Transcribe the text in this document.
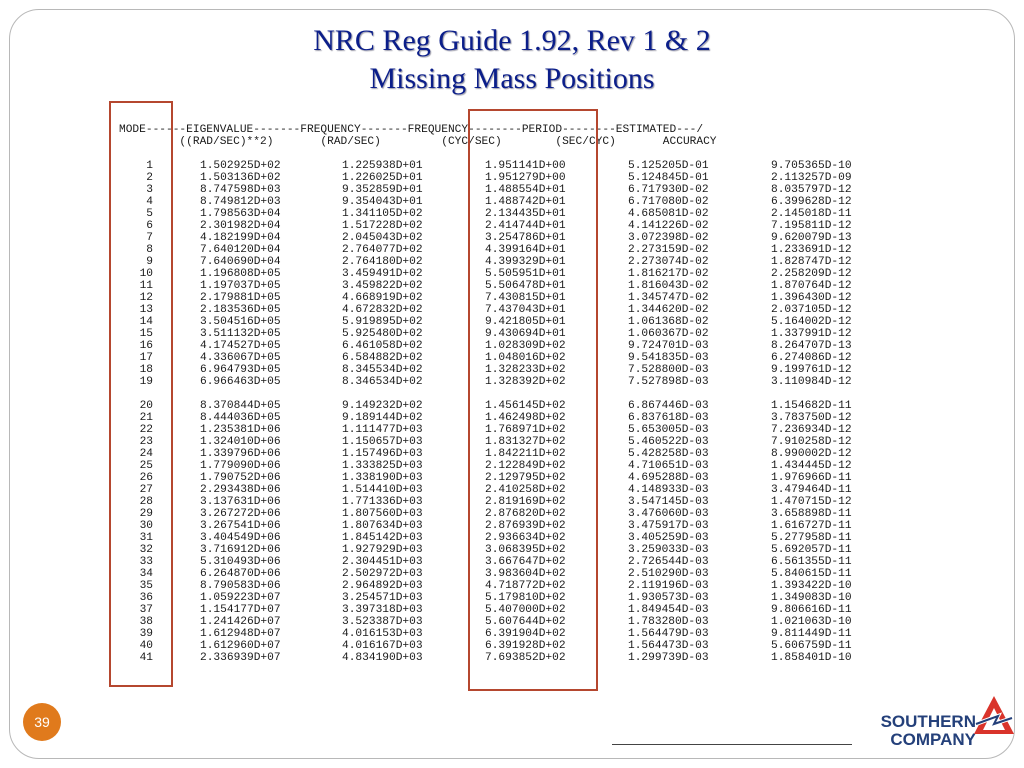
NRC Reg Guide 1.92, Rev 1 & 2
Missing Mass Positions
MODE------EIGENVALUE-------FREQUENCY-------FREQUENCY--------PERIOD--------ESTIMATED---/
((RAD/SEC)**2)       (RAD/SEC)         (CYC/SEC)        (SEC/CYC)       ACCURACY
1	1.502925D+02	1.225938D+01	1.951141D+00	5.125205D-01	9.705365D-10
2	1.503136D+02	1.226025D+01	1.951279D+00	5.124845D-01	2.113257D-09
3	8.747598D+03	9.352859D+01	1.488554D+01	6.717930D-02	8.035797D-12
4	8.749812D+03	9.354043D+01	1.488742D+01	6.717080D-02	6.399628D-12
5	1.798563D+04	1.341105D+02	2.134435D+01	4.685081D-02	2.145018D-11
6	2.301982D+04	1.517228D+02	2.414744D+01	4.141226D-02	7.195811D-12
7	4.182199D+04	2.045043D+02	3.254786D+01	3.072398D-02	9.620079D-13
8	7.640120D+04	2.764077D+02	4.399164D+01	2.273159D-02	1.233691D-12
9	7.640690D+04	2.764180D+02	4.399329D+01	2.273074D-02	1.828747D-12
10	1.196808D+05	3.459491D+02	5.505951D+01	1.816217D-02	2.258209D-12
11	1.197037D+05	3.459822D+02	5.506478D+01	1.816043D-02	1.870764D-12
12	2.179881D+05	4.668919D+02	7.430815D+01	1.345747D-02	1.396430D-12
13	2.183536D+05	4.672832D+02	7.437043D+01	1.344620D-02	2.037105D-12
14	3.504516D+05	5.919895D+02	9.421805D+01	1.061368D-02	5.164002D-12
15	3.511132D+05	5.925480D+02	9.430694D+01	1.060367D-02	1.337991D-12
16	4.174527D+05	6.461058D+02	1.028309D+02	9.724701D-03	8.264707D-13
17	4.336067D+05	6.584882D+02	1.048016D+02	9.541835D-03	6.274086D-12
18	6.964793D+05	8.345534D+02	1.328233D+02	7.528800D-03	9.199761D-12
19	6.966463D+05	8.346534D+02	1.328392D+02	7.527898D-03	3.110984D-12
20	8.370844D+05	9.149232D+02	1.456145D+02	6.867446D-03	1.154682D-11
21	8.444036D+05	9.189144D+02	1.462498D+02	6.837618D-03	3.783750D-12
22	1.235381D+06	1.111477D+03	1.768971D+02	5.653005D-03	7.236934D-12
23	1.324010D+06	1.150657D+03	1.831327D+02	5.460522D-03	7.910258D-12
24	1.339796D+06	1.157496D+03	1.842211D+02	5.428258D-03	8.990002D-12
25	1.779090D+06	1.333825D+03	2.122849D+02	4.710651D-03	1.434445D-12
26	1.790752D+06	1.338190D+03	2.129795D+02	4.695288D-03	1.976966D-11
27	2.293438D+06	1.514410D+03	2.410258D+02	4.148933D-03	3.479464D-11
28	3.137631D+06	1.771336D+03	2.819169D+02	3.547145D-03	1.470715D-12
29	3.267272D+06	1.807560D+03	2.876820D+02	3.476060D-03	3.658898D-11
30	3.267541D+06	1.807634D+03	2.876939D+02	3.475917D-03	1.616727D-11
31	3.404549D+06	1.845142D+03	2.936634D+02	3.405259D-03	5.277958D-11
32	3.716912D+06	1.927929D+03	3.068395D+02	3.259033D-03	5.692057D-11
33	5.310493D+06	2.304451D+03	3.667647D+02	2.726544D-03	6.561355D-11
34	6.264870D+06	2.502972D+03	3.983604D+02	2.510290D-03	5.840615D-11
35	8.790583D+06	2.964892D+03	4.718772D+02	2.119196D-03	1.393422D-10
36	1.059223D+07	3.254571D+03	5.179810D+02	1.930573D-03	1.349083D-10
37	1.154177D+07	3.397318D+03	5.407000D+02	1.849454D-03	9.806616D-11
38	1.241426D+07	3.523387D+03	5.607644D+02	1.783280D-03	1.021063D-10
39	1.612948D+07	4.016153D+03	6.391904D+02	1.564479D-03	9.811449D-11
40	1.612960D+07	4.016167D+03	6.391928D+02	1.564473D-03	5.606759D-11
41	2.336939D+07	4.834190D+03	7.693852D+02	1.299739D-03	1.858401D-10
39	SOUTHERN
COMPANY
